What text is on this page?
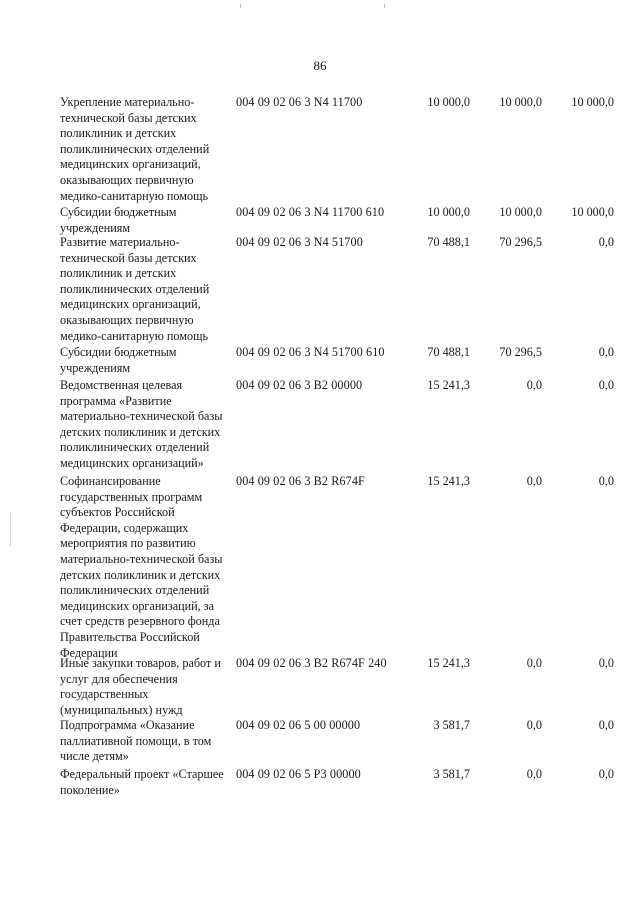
86
Укрепление материально-
технической базы детских
поликлиник и детских
поликлинических отделений
медицинских организаций,
оказывающих первичную
медико-санитарную помощь
004 09 02 06 3 N4 11700	10 000,0	10 000,0	10 000,0
Субсидии бюджетным
учреждениям
004 09 02 06 3 N4 11700 610	10 000,0	10 000,0	10 000,0
Развитие материально-
технической базы детских
поликлиник и детских
поликлинических отделений
медицинских организаций,
оказывающих первичную
медико-санитарную помощь
004 09 02 06 3 N4 51700	70 488,1	70 296,5	0,0
Субсидии бюджетным
учреждениям
004 09 02 06 3 N4 51700 610	70 488,1	70 296,5	0,0
Ведомственная целевая
программа «Развитие
материально-технической базы
детских поликлиник и детских
поликлинических отделений
медицинских организаций»
004 09 02 06 3 В2 00000	15 241,3	0,0	0,0
Софинансирование
государственных программ
субъектов Российской
Федерации, содержащих
мероприятия по развитию
материально-технической базы
детских поликлиник и детских
поликлинических отделений
медицинских организаций, за
счет средств резервного фонда
Правительства Российской
Федерации
004 09 02 06 3 В2 R674F	15 241,3	0,0	0,0
Иные закупки товаров, работ и
услуг для обеспечения
государственных
(муниципальных) нужд
004 09 02 06 3 В2 R674F 240	15 241,3	0,0	0,0
Подпрограмма «Оказание
паллиативной помощи, в том
числе детям»
004 09 02 06 5 00 00000	3 581,7	0,0	0,0
Федеральный проект «Старшее
поколение»
004 09 02 06 5 Р3 00000	3 581,7	0,0	0,0
